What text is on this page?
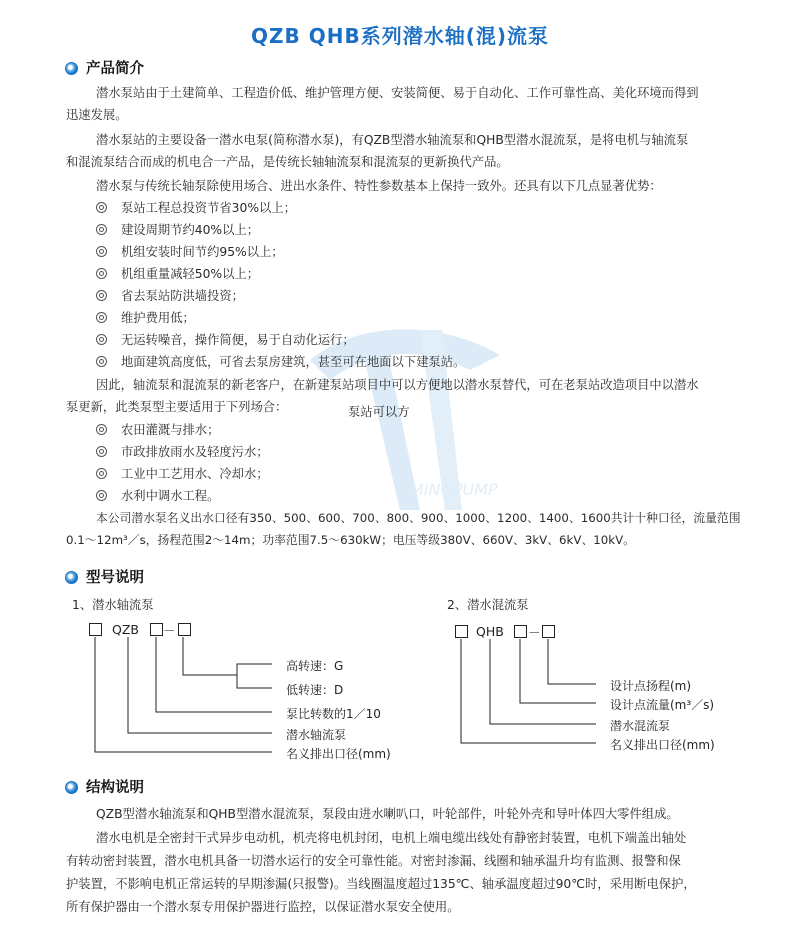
MINGPUMP
QZB QHB系列潜水轴(混)流泵
产品简介
潜水泵站由于土建简单、工程造价低、维护管理方便、安装简便、易于自动化、工作可靠性高、美化环境而得到
迅速发展。
潜水泵站的主要设备一潜水电泵(简称潜水泵)，有QZB型潜水轴流泵和QHB型潜水混流泵，是将电机与轴流泵
和混流泵结合而成的机电合一产品，是传统长轴轴流泵和混流泵的更新换代产品。
潜水泵与传统长轴泵除使用场合、进出水条件、特性参数基本上保持一致外。还具有以下几点显著优势：
泵站工程总投资节省30%以上；
建设周期节约40%以上；
机组安装时间节约95%以上；
机组重量减轻50%以上；
省去泵站防洪墙投资；
维护费用低；
无运转噪音，操作简便，易于自动化运行；
地面建筑高度低，可省去泵房建筑，甚至可在地面以下建泵站。
因此，轴流泵和混流泵的新老客户，在新建泵站项目中可以方便地以潜水泵替代，可在老泵站改造项目中以潜水
泵更新，此类泵型主要适用于下列场合：	泵站可以方
农田灌溉与排水；
市政排放雨水及轻度污水；
工业中工艺用水、冷却水；
水利中调水工程。
本公司潜水泵名义出水口径有350、500、600、700、800、900、1000、1200、1400、1600共计十种口径，流量范围
0.1～12m³／s，扬程范围2～14m；功率范围7.5～630kW；电压等级380V、660V、3kV、6kV、10kV。
型号说明
1、潜水轴流泵
QZB －
高转速：G
低转速：D
泵比转数的1／10
潜水轴流泵
名义排出口径(mm)
2、潜水混流泵
QHB －
设计点扬程(m)
设计点流量(m³／s)
潜水混流泵
名义排出口径(mm)
结构说明
QZB型潜水轴流泵和QHB型潜水混流泵，泵段由进水喇叭口，叶轮部件，叶轮外壳和导叶体四大零件组成。
潜水电机是全密封干式异步电动机，机壳将电机封闭，电机上端电缆出线处有静密封装置，电机下端盖出轴处
有转动密封装置，潜水电机具备一切潜水运行的安全可靠性能。对密封渗漏、线圈和轴承温升均有监测、报警和保
护装置，不影响电机正常运转的早期渗漏(只报警)。当线圈温度超过135℃、轴承温度超过90℃时，采用断电保护，
所有保护器由一个潜水泵专用保护器进行监控，以保证潜水泵安全使用。
